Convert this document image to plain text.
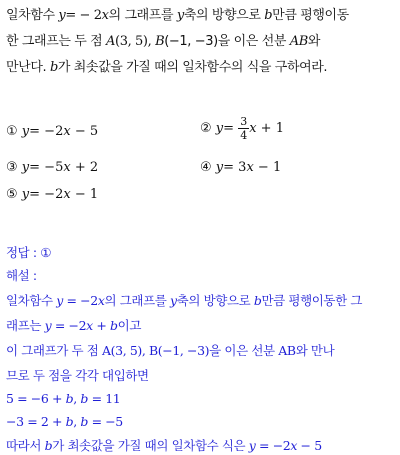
일차함수 y= − 2x의 그래프를 y축의 방향으로 b만큼 평행이동
한 그래프는 두 점 A(3, 5), B(−1, −3)을 이은 선분 AB와
만난다. b가 최솟값을 가질 때의 일차함수의 식을 구하여라.
① y= −2x − 5	② $y= \frac{3}{4}$ x + 1
③ y= −5x + 2	④ y= 3x − 1
⑤ y= −2x − 1
정답 : ①
해설 :
일차함수 y = −2x의 그래프를 y축의 방향으로 b만큼 평행이동한 그
래프는 y = −2x + b이고
이 그래프가 두 점 A(3, 5), B(−1, −3)을 이은 선분 AB와 만나
므로 두 점을 각각 대입하면
5 = −6 + b, b = 11
−3 = 2 + b, b = −5
따라서 b가 최솟값을 가질 때의 일차함수 식은 y = −2x − 5
